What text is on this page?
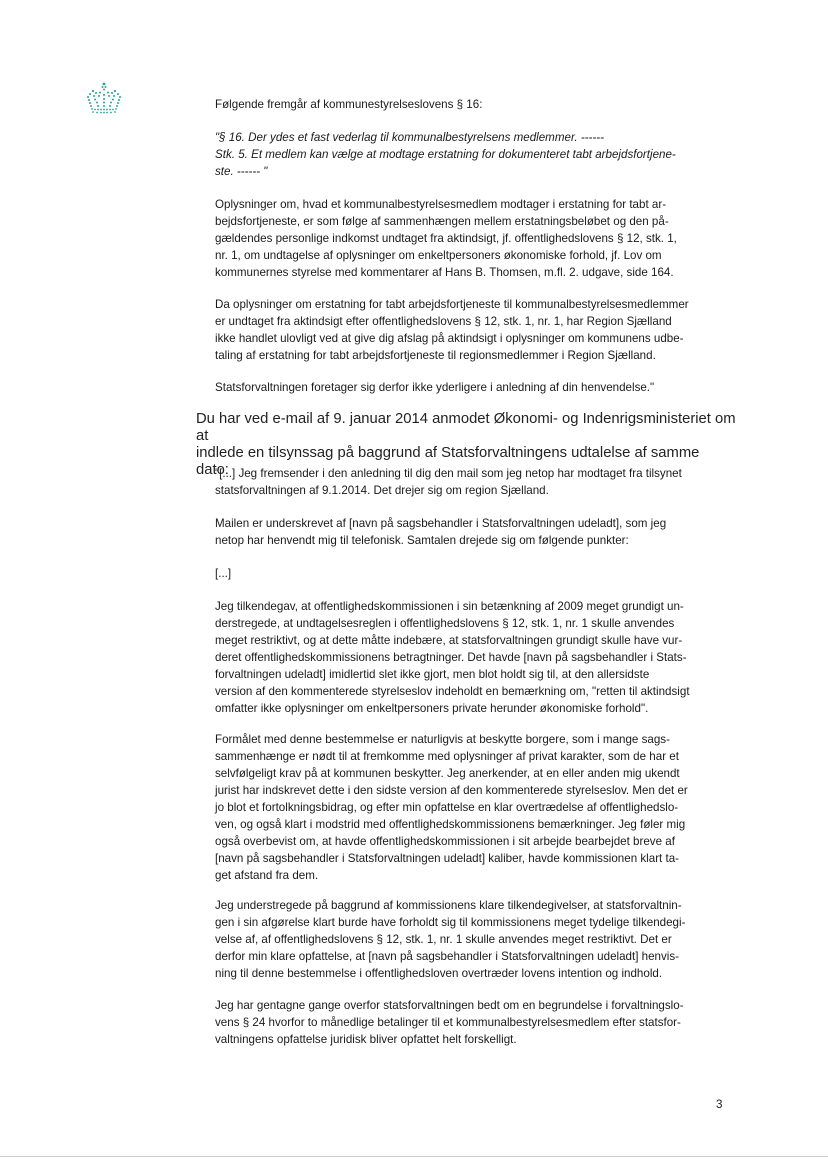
Følgende fremgår af kommunestyrelseslovens § 16:

"§ 16. Der ydes et fast vederlag til kommunalbestyrelsens medlemmer. ------
Stk. 5. Et medlem kan vælge at modtage erstatning for dokumenteret tabt arbejdsfortjene-
ste. ------ "
Oplysninger om, hvad et kommunalbestyrelsesmedlem modtager i erstatning for tabt ar-
bejdsfortjeneste, er som følge af sammenhængen mellem erstatningsbeløbet og den på-
gældendes personlige indkomst undtaget fra aktindsigt, jf. offentlighedslovens § 12, stk. 1,
nr. 1, om undtagelse af oplysninger om enkeltpersoners økonomiske forhold, jf. Lov om
kommunernes styrelse med kommentarer af Hans B. Thomsen, m.fl. 2. udgave, side 164.
Da oplysninger om erstatning for tabt arbejdsfortjeneste til kommunalbestyrelsesmedlemmer
er undtaget fra aktindsigt efter offentlighedslovens § 12, stk. 1, nr. 1, har Region Sjælland
ikke handlet ulovligt ved at give dig afslag på aktindsigt i oplysninger om kommunens udbe-
taling af erstatning for tabt arbejdsfortjeneste til regionsmedlemmer i Region Sjælland.
Statsforvaltningen foretager sig derfor ikke yderligere i anledning af din henvendelse."
Du har ved e-mail af 9. januar 2014 anmodet Økonomi- og Indenrigsministeriet om at
indlede en tilsynssag på baggrund af Statsforvaltningens udtalelse af samme dato:
"[...] Jeg fremsender i den anledning til dig den mail som jeg netop har modtaget fra tilsynet
statsforvaltningen af 9.1.2014. Det drejer sig om region Sjælland.
Mailen er underskrevet af [navn på sagsbehandler i Statsforvaltningen udeladt], som jeg
netop har henvendt mig til telefonisk. Samtalen drejede sig om følgende punkter:
[...]
Jeg tilkendegav, at offentlighedskommissionen i sin betænkning af 2009 meget grundigt un-
derstregede, at undtagelsesreglen i offentlighedslovens § 12, stk. 1, nr. 1 skulle anvendes
meget restriktivt, og at dette måtte indebære, at statsforvaltningen grundigt skulle have vur-
deret offentlighedskommissionens betragtninger. Det havde [navn på sagsbehandler i Stats-
forvaltningen udeladt] imidlertid slet ikke gjort, men blot holdt sig til, at den allersidste
version af den kommenterede styrelseslov indeholdt en bemærkning om, "retten til aktindsigt
omfatter ikke oplysninger om enkeltpersoners private herunder økonomiske forhold".
Formålet med denne bestemmelse er naturligvis at beskytte borgere, som i mange sags-
sammenhænge er nødt til at fremkomme med oplysninger af privat karakter, som de har et
selvfølgeligt krav på at kommunen beskytter. Jeg anerkender, at en eller anden mig ukendt
jurist har indskrevet dette i den sidste version af den kommenterede styrelseslov. Men det er
jo blot et fortolkningsbidrag, og efter min opfattelse en klar overtrædelse af offentlighedslo-
ven, og også klart i modstrid med offentlighedskommissionens bemærkninger. Jeg føler mig
også overbevist om, at havde offentlighedskommissionen i sit arbejde bearbejdet breve af
[navn på sagsbehandler i Statsforvaltningen udeladt] kaliber, havde kommissionen klart ta-
get afstand fra dem.
Jeg understregede på baggrund af kommissionens klare tilkendegivelser, at statsforvaltnin-
gen i sin afgørelse klart burde have forholdt sig til kommissionens meget tydelige tilkendegi-
velse af, af offentlighedslovens § 12, stk. 1, nr. 1 skulle anvendes meget restriktivt. Det er
derfor min klare opfattelse, at [navn på sagsbehandler i Statsforvaltningen udeladt] henvis-
ning til denne bestemmelse i offentlighedsloven overtræder lovens intention og indhold.
Jeg har gentagne gange overfor statsforvaltningen bedt om en begrundelse i forvaltningslo-
vens § 24 hvorfor to månedlige betalinger til et kommunalbestyrelsesmedlem efter statsfor-
valtningens opfattelse juridisk bliver opfattet helt forskelligt.
3
